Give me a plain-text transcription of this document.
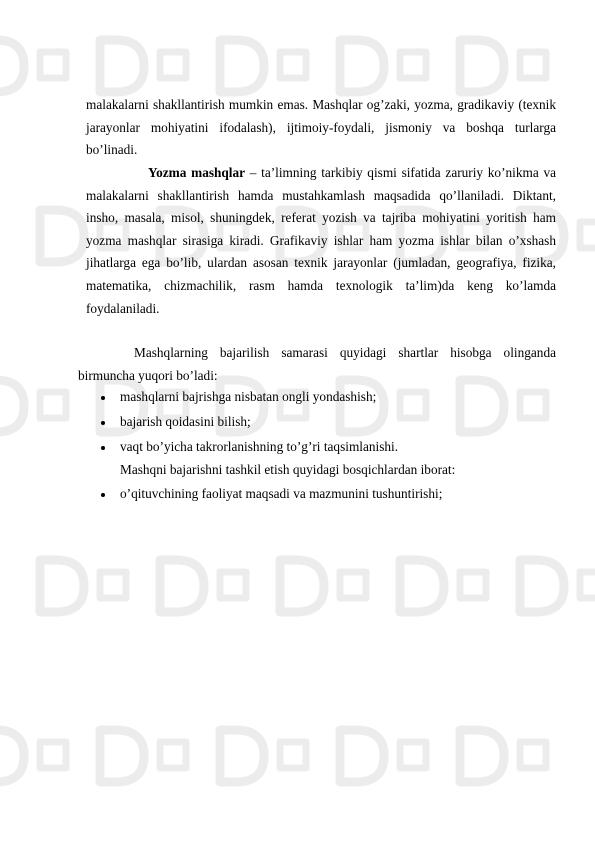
malakalarni shakllantirish mumkin emas. Mashqlar og’zaki, yozma, gradikaviy (texnik jarayonlar mohiyatini ifodalash), ijtimoiy-foydali, jismoniy va boshqa turlarga bo’linadi.

Yozma mashqlar – ta’limning tarkibiy qismi sifatida zaruriy ko’nikma va malakalarni shakllantirish hamda mustahkamlash maqsadida qo’llaniladi. Diktant, insho, masala, misol, shuningdek, referat yozish va tajriba mohiyatini yoritish ham yozma mashqlar sirasiga kiradi. Grafikaviy ishlar ham yozma ishlar bilan o’xshash jihatlarga ega bo’lib, ulardan asosan texnik jarayonlar (jumladan, geografiya, fizika, matematika, chizmachilik, rasm hamda texnologik ta’lim)da keng ko’lamda foydalaniladi.

Mashqlarning bajarilish samarasi quyidagi shartlar hisobga olinganda birmuncha yuqori bo’ladi:

mashqlarni bajrishga nisbatan ongli yondashish;
bajarish qoidasini bilish;
vaqt bo’yicha takrorlanishning to’g’ri taqsimlanishi.
Mashqni bajarishni tashkil etish quyidagi bosqichlardan iborat:
o’qituvchining faoliyat maqsadi va mazmunini tushuntirishi;
